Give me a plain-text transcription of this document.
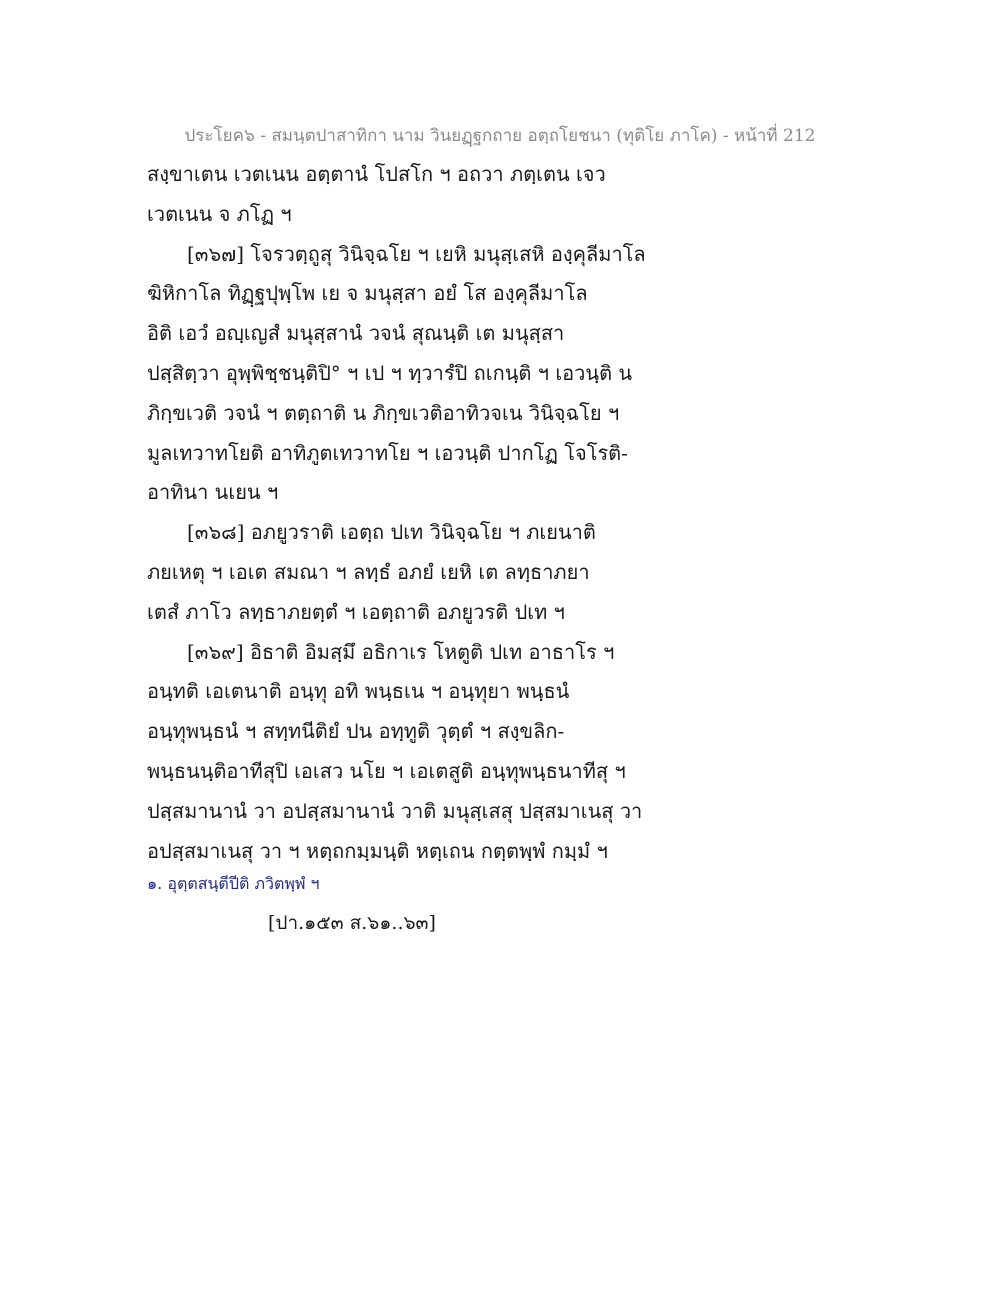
ประโยค๖ - สมนฺตปาสาทิกา นาม วินยฏฺฐกถาย อตฺถโยชนา (ทุติโย ภาโค) - หน้าที่ 212
สงฺขาเตน เวตเนน อตฺตานํ โปสโก ฯ อถวา ภตฺเตน เจว
เวตเนน จ ภโฏ ฯ
[๓๖๗] โจรวตฺถูสุ วินิจฺฉโย ฯ เยหิ มนุสฺเสหิ องฺคุลีมาโล
ฆิหิกาโล ทิฏฺฐปุพฺโพ เย จ มนุสฺสา อยํ โส องฺคุลีมาโล
อิติ เอวํ อญฺเญสํ มนุสฺสานํ วจนํ สุณนฺติ เต มนุสฺสา
ปสฺสิตฺวา อุพฺพิชฺชนฺติปิ° ฯ เป ฯ ทฺวารํปิ ถเกนฺติ ฯ เอวนฺติ น
ภิกฺขเวติ วจนํ ฯ ตตฺถาติ น ภิกฺขเวติอาทิวจเน วินิจฺฉโย ฯ
มูลเทวาทโยติ อาทิภูตเทวาทโย ฯ เอวนฺติ ปากโฏ โจโรติ-
อาทินา นเยน ฯ
[๓๖๘] อภยูวราติ เอตฺถ ปเท วินิจฺฉโย ฯ ภเยนาติ
ภยเหตุ ฯ เอเต สมณา ฯ ลทฺธํ อภยํ เยหิ เต ลทฺธาภยา
เตสํ ภาโว ลทฺธาภยตฺตํ ฯ เอตฺถาติ อภยูวรติ ปเท ฯ
[๓๖๙] อิธาติ อิมสฺมึ อธิกาเร โหตูติ ปเท อาธาโร ฯ
อนฺทติ เอเตนาติ อนฺทุ อทิ พนฺธเน ฯ อนฺทุยา พนฺธนํ
อนฺทุพนฺธนํ ฯ สทฺทนีติยํ ปน อทฺทูติ วุตฺตํ ฯ สงฺขลิก-
พนฺธนนฺติอาทีสุปิ เอเสว นโย ฯ เอเตสูติ อนฺทุพนฺธนาทีสุ ฯ
ปสฺสมานานํ วา อปสฺสมานานํ วาติ มนุสฺเสสุ ปสฺสมาเนสุ วา
อปสฺสมาเนสุ วา ฯ หตฺถกมฺมนฺติ หตฺเถน กตฺตพฺพํ กมฺมํ ฯ
๑. อุตฺตสนฺตีปีติ ภวิตพฺพํ ฯ
[ปา.๑๕๓ ส.๖๑..๖๓]
